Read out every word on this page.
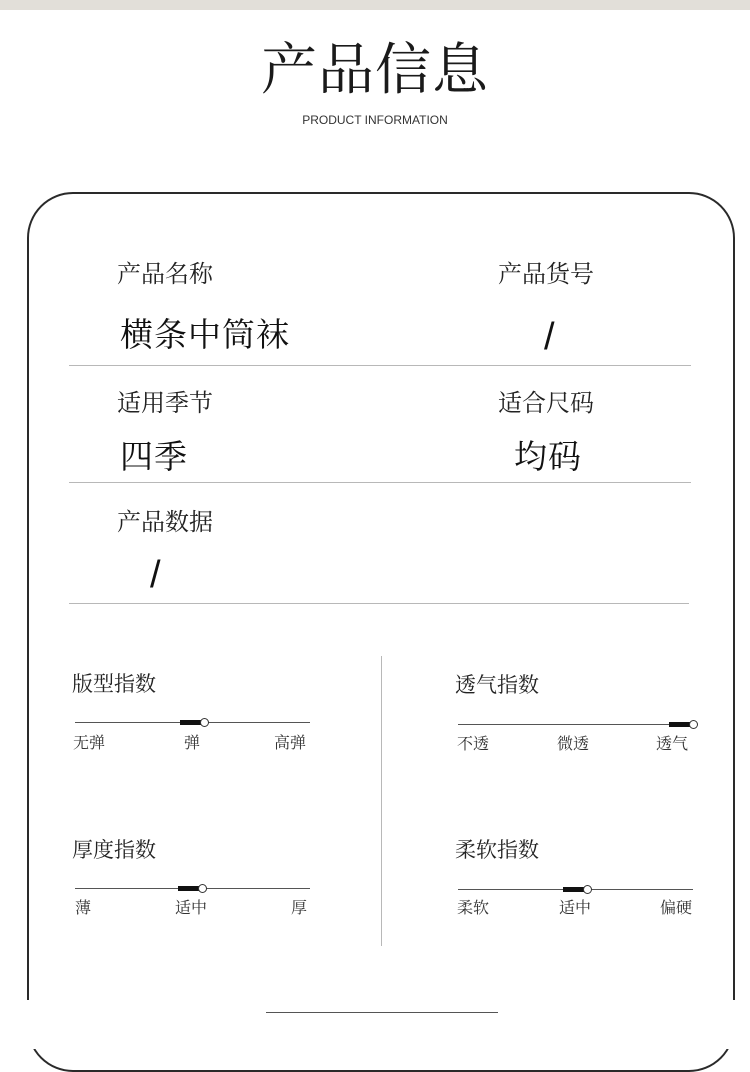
产品信息
PRODUCT INFORMATION
产品名称
横条中筒袜
产品货号
/
适用季节
四季
适合尺码
均码
产品数据
/
版型指数
无弹	弹	高弹
透气指数
不透	微透	透气
厚度指数
薄	适中	厚
柔软指数
柔软	适中	偏硬
